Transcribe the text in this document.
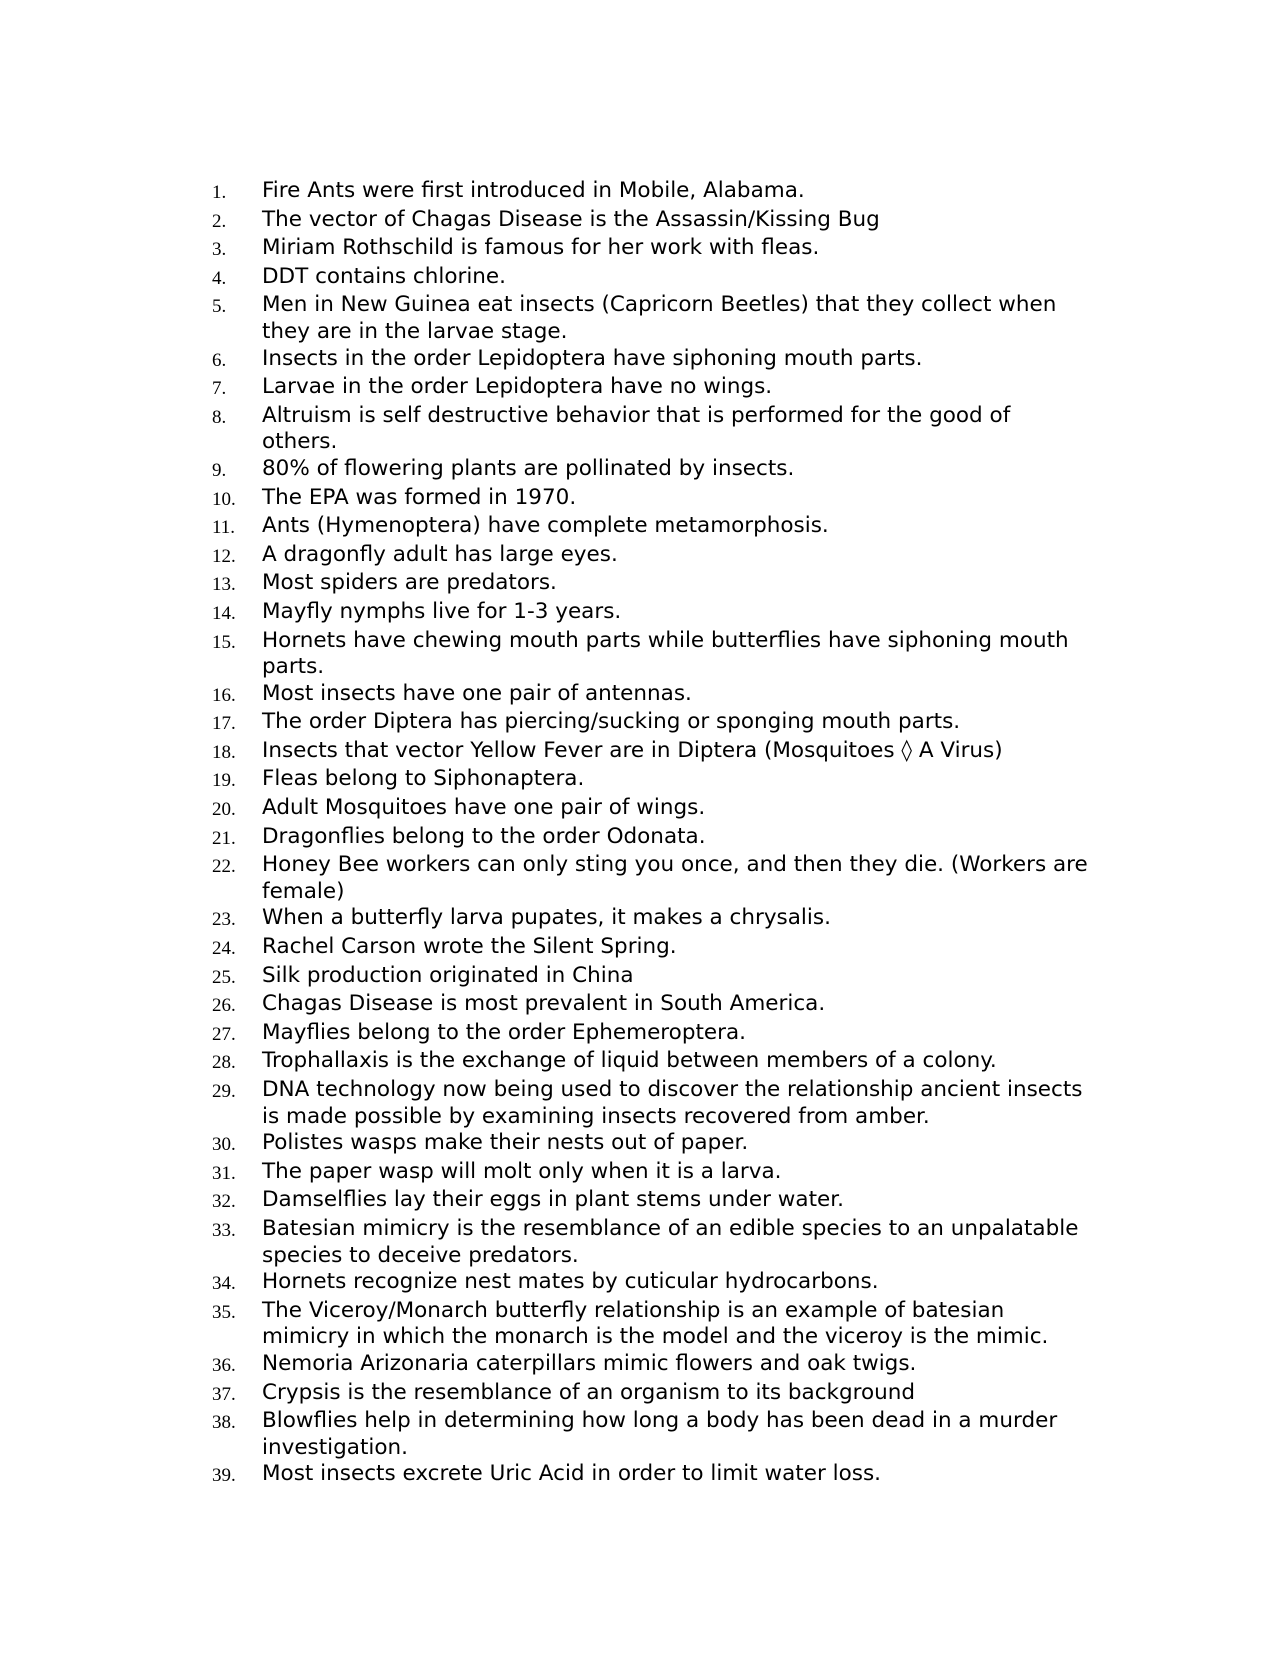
1.	Fire Ants were first introduced in Mobile, Alabama.
2.	The vector of Chagas Disease is the Assassin/Kissing Bug
3.	Miriam Rothschild is famous for her work with fleas.
4.	DDT contains chlorine.
5.	Men in New Guinea eat insects (Capricorn Beetles) that they collect when they are in the larvae stage.
6.	Insects in the order Lepidoptera have siphoning mouth parts.
7.	Larvae in the order Lepidoptera have no wings.
8.	Altruism is self destructive behavior that is performed for the good of others.
9.	80% of flowering plants are pollinated by insects.
10.	The EPA was formed in 1970.
11.	Ants (Hymenoptera) have complete metamorphosis.
12.	A dragonfly adult has large eyes.
13.	Most spiders are predators.
14.	Mayfly nymphs live for 1-3 years.
15.	Hornets have chewing mouth parts while butterflies have siphoning mouth parts.
16.	Most insects have one pair of antennas.
17.	The order Diptera has piercing/sucking or sponging mouth parts.
18.	Insects that vector Yellow Fever are in Diptera (Mosquitoes ◊ A Virus)
19.	Fleas belong to Siphonaptera.
20.	Adult Mosquitoes have one pair of wings.
21.	Dragonflies belong to the order Odonata.
22.	Honey Bee workers can only sting you once, and then they die. (Workers are female)
23.	When a butterfly larva pupates, it makes a chrysalis.
24.	Rachel Carson wrote the Silent Spring.
25.	Silk production originated in China
26.	Chagas Disease is most prevalent in South America.
27.	Mayflies belong to the order Ephemeroptera.
28.	Trophallaxis is the exchange of liquid between members of a colony.
29.	DNA technology now being used to discover the relationship ancient insects is made possible by examining insects recovered from amber.
30.	Polistes wasps make their nests out of paper.
31.	The paper wasp will molt only when it is a larva.
32.	Damselflies lay their eggs in plant stems under water.
33.	Batesian mimicry is the resemblance of an edible species to an unpalatable species to deceive predators.
34.	Hornets recognize nest mates by cuticular hydrocarbons.
35.	The Viceroy/Monarch butterfly relationship is an example of batesian mimicry in which the monarch is the model and the viceroy is the mimic.
36.	Nemoria Arizonaria caterpillars mimic flowers and oak twigs.
37.	Crypsis is the resemblance of an organism to its background
38.	Blowflies help in determining how long a body has been dead in a murder investigation.
39.	Most insects excrete Uric Acid in order to limit water loss.
